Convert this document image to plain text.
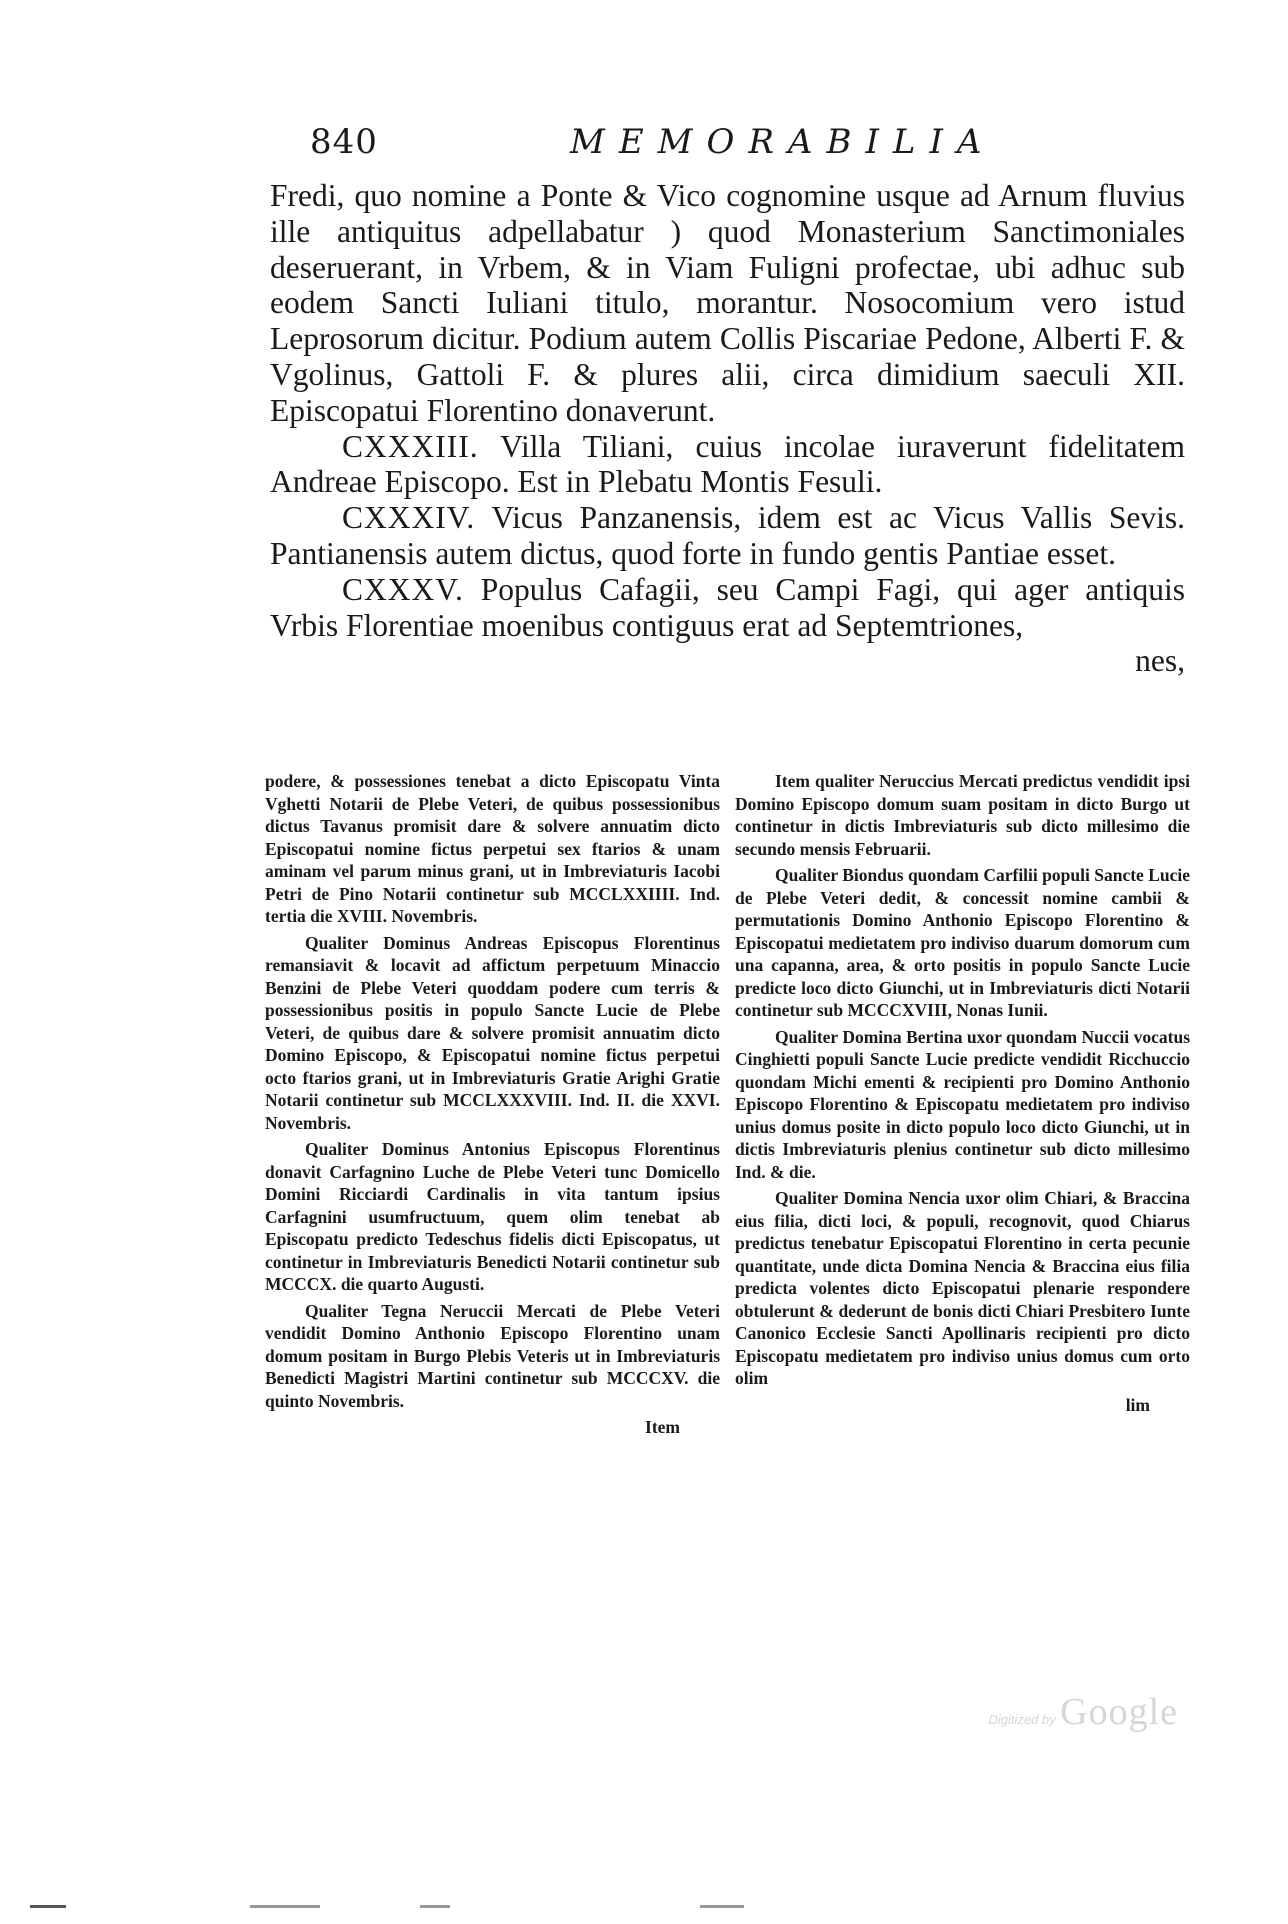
840	MEMORABILIA

Fredi, quo nomine a Ponte & Vico cognomine usque ad Arnum fluvius ille antiquitus adpellabatur ) quod Monasterium Sanctimoniales deseruerant, in Vrbem, & in Viam Fuligni profectae, ubi adhuc sub eodem Sancti Iuliani titulo, morantur. Nosocomium vero istud Leprosorum dicitur. Podium autem Collis Piscariae Pedone, Alberti F. & Vgolinus, Gattoli F. & plures alii, circa dimidium saeculi XII. Episcopatui Florentino donaverunt.

CXXXIII. Villa Tiliani, cuius incolae iuraverunt fidelitatem Andreae Episcopo. Est in Plebatu Montis Fesuli.

CXXXIV. Vicus Panzanensis, idem est ac Vicus Vallis Sevis. Pantianensis autem dictus, quod forte in fundo gentis Pantiae esset.

CXXXV. Populus Cafagii, seu Campi Fagi, qui ager antiquis Vrbis Florentiae moenibus contiguus erat ad Septemtriones,

nes,

podere, & possessiones tenebat a dicto Episcopatu Vinta Vghetti Notarii de Plebe Veteri, de quibus possessionibus dictus Tavanus promisit dare & solvere annuatim dicto Episcopatui nomine fictus perpetui sex ftarios & unam aminam vel parum minus grani, ut in Imbreviaturis Iacobi Petri de Pino Notarii continetur sub MCCLXXIIII. Ind. tertia die XVIII. Novembris.

Qualiter Dominus Andreas Episcopus Florentinus remansiavit & locavit ad affictum perpetuum Minaccio Benzini de Plebe Veteri quoddam podere cum terris & possessionibus positis in populo Sancte Lucie de Plebe Veteri, de quibus dare & solvere promisit annuatim dicto Domino Episcopo, & Episcopatui nomine fictus perpetui octo ftarios grani, ut in Imbreviaturis Gratie Arighi Gratie Notarii continetur sub MCCLXXXVIII. Ind. II. die XXVI. Novembris.

Qualiter Dominus Antonius Episcopus Florentinus donavit Carfagnino Luche de Plebe Veteri tunc Domicello Domini Ricciardi Cardinalis in vita tantum ipsius Carfagnini usumfructuum, quem olim tenebat ab Episcopatu predicto Tedeschus fidelis dicti Episcopatus, ut continetur in Imbreviaturis Benedicti Notarii continetur sub MCCCX. die quarto Augusti.

Qualiter Tegna Neruccii Mercati de Plebe Veteri vendidit Domino Anthonio Episcopo Florentino unam domum positam in Burgo Plebis Veteris ut in Imbreviaturis Benedicti Magistri Martini continetur sub MCCCXV. die quinto Novembris.

Item

Item qualiter Neruccius Mercati predictus vendidit ipsi Domino Episcopo domum suam positam in dicto Burgo ut continetur in dictis Imbreviaturis sub dicto millesimo die secundo mensis Februarii.

Qualiter Biondus quondam Carfilii populi Sancte Lucie de Plebe Veteri dedit, & concessit nomine cambii & permutationis Domino Anthonio Episcopo Florentino & Episcopatui medietatem pro indiviso duarum domorum cum una capanna, area, & orto positis in populo Sancte Lucie predicte loco dicto Giunchi, ut in Imbreviaturis dicti Notarii continetur sub MCCCXVIII, Nonas Iunii.

Qualiter Domina Bertina uxor quondam Nuccii vocatus Cinghietti populi Sancte Lucie predicte vendidit Ricchuccio quondam Michi ementi & recipienti pro Domino Anthonio Episcopo Florentino & Episcopatu medietatem pro indiviso unius domus posite in dicto populo loco dicto Giunchi, ut in dictis Imbreviaturis plenius continetur sub dicto millesimo Ind. & die.

Qualiter Domina Nencia uxor olim Chiari, & Braccina eius filia, dicti loci, & populi, recognovit, quod Chiarus predictus tenebatur Episcopatui Florentino in certa pecunie quantitate, unde dicta Domina Nencia & Braccina eius filia predicta volentes dicto Episcopatui plenarie respondere obtulerunt & dederunt de bonis dicti Chiari Presbitero Iunte Canonico Ecclesie Sancti Apollinaris recipienti pro dicto Episcopatu medietatem pro indiviso unius domus cum orto olim

lim

Digitized by Google
